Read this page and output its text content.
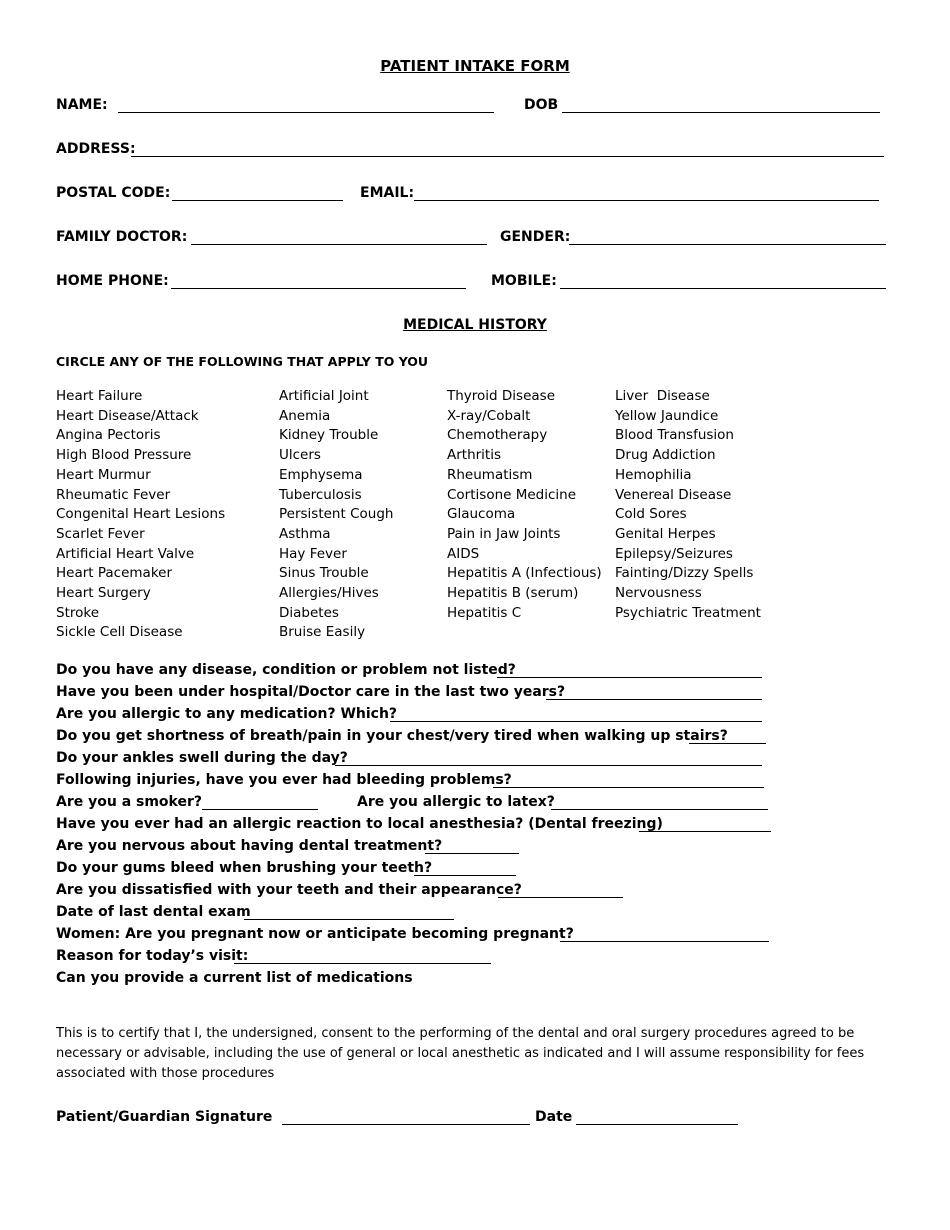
PATIENT INTAKE FORM
NAME:	DOB
ADDRESS:
POSTAL CODE:	EMAIL:
FAMILY DOCTOR:	GENDER:
HOME PHONE:	MOBILE:
MEDICAL HISTORY
CIRCLE ANY OF THE FOLLOWING THAT APPLY TO YOU
Heart Failure
Heart Disease/Attack
Angina Pectoris
High Blood Pressure
Heart Murmur
Rheumatic Fever
Congenital Heart Lesions
Scarlet Fever
Artificial Heart Valve
Heart Pacemaker
Heart Surgery
Stroke
Sickle Cell Disease
Artificial Joint
Anemia
Kidney Trouble
Ulcers
Emphysema
Tuberculosis
Persistent Cough
Asthma
Hay Fever
Sinus Trouble
Allergies/Hives
Diabetes
Bruise Easily
Thyroid Disease
X-ray/Cobalt
Chemotherapy
Arthritis
Rheumatism
Cortisone Medicine
Glaucoma
Pain in Jaw Joints
AIDS
Hepatitis A (Infectious)
Hepatitis B (serum)
Hepatitis C
Liver  Disease
Yellow Jaundice
Blood Transfusion
Drug Addiction
Hemophilia
Venereal Disease
Cold Sores
Genital Herpes
Epilepsy/Seizures
Fainting/Dizzy Spells
Nervousness
Psychiatric Treatment
Do you have any disease, condition or problem not listed?
Have you been under hospital/Doctor care in the last two years?
Are you allergic to any medication? Which?
Do you get shortness of breath/pain in your chest/very tired when walking up stairs?
Do your ankles swell during the day?
Following injuries, have you ever had bleeding problems?
Are you a smoker?	Are you allergic to latex?
Have you ever had an allergic reaction to local anesthesia? (Dental freezing)
Are you nervous about having dental treatment?
Do your gums bleed when brushing your teeth?
Are you dissatisfied with your teeth and their appearance?
Date of last dental exam
Women: Are you pregnant now or anticipate becoming pregnant?
Reason for today’s visit:
Can you provide a current list of medications
This is to certify that I, the undersigned, consent to the performing of the dental and oral surgery procedures agreed to be necessary or advisable, including the use of general or local anesthetic as indicated and I will assume responsibility for fees associated with those procedures
Patient/Guardian Signature	Date
